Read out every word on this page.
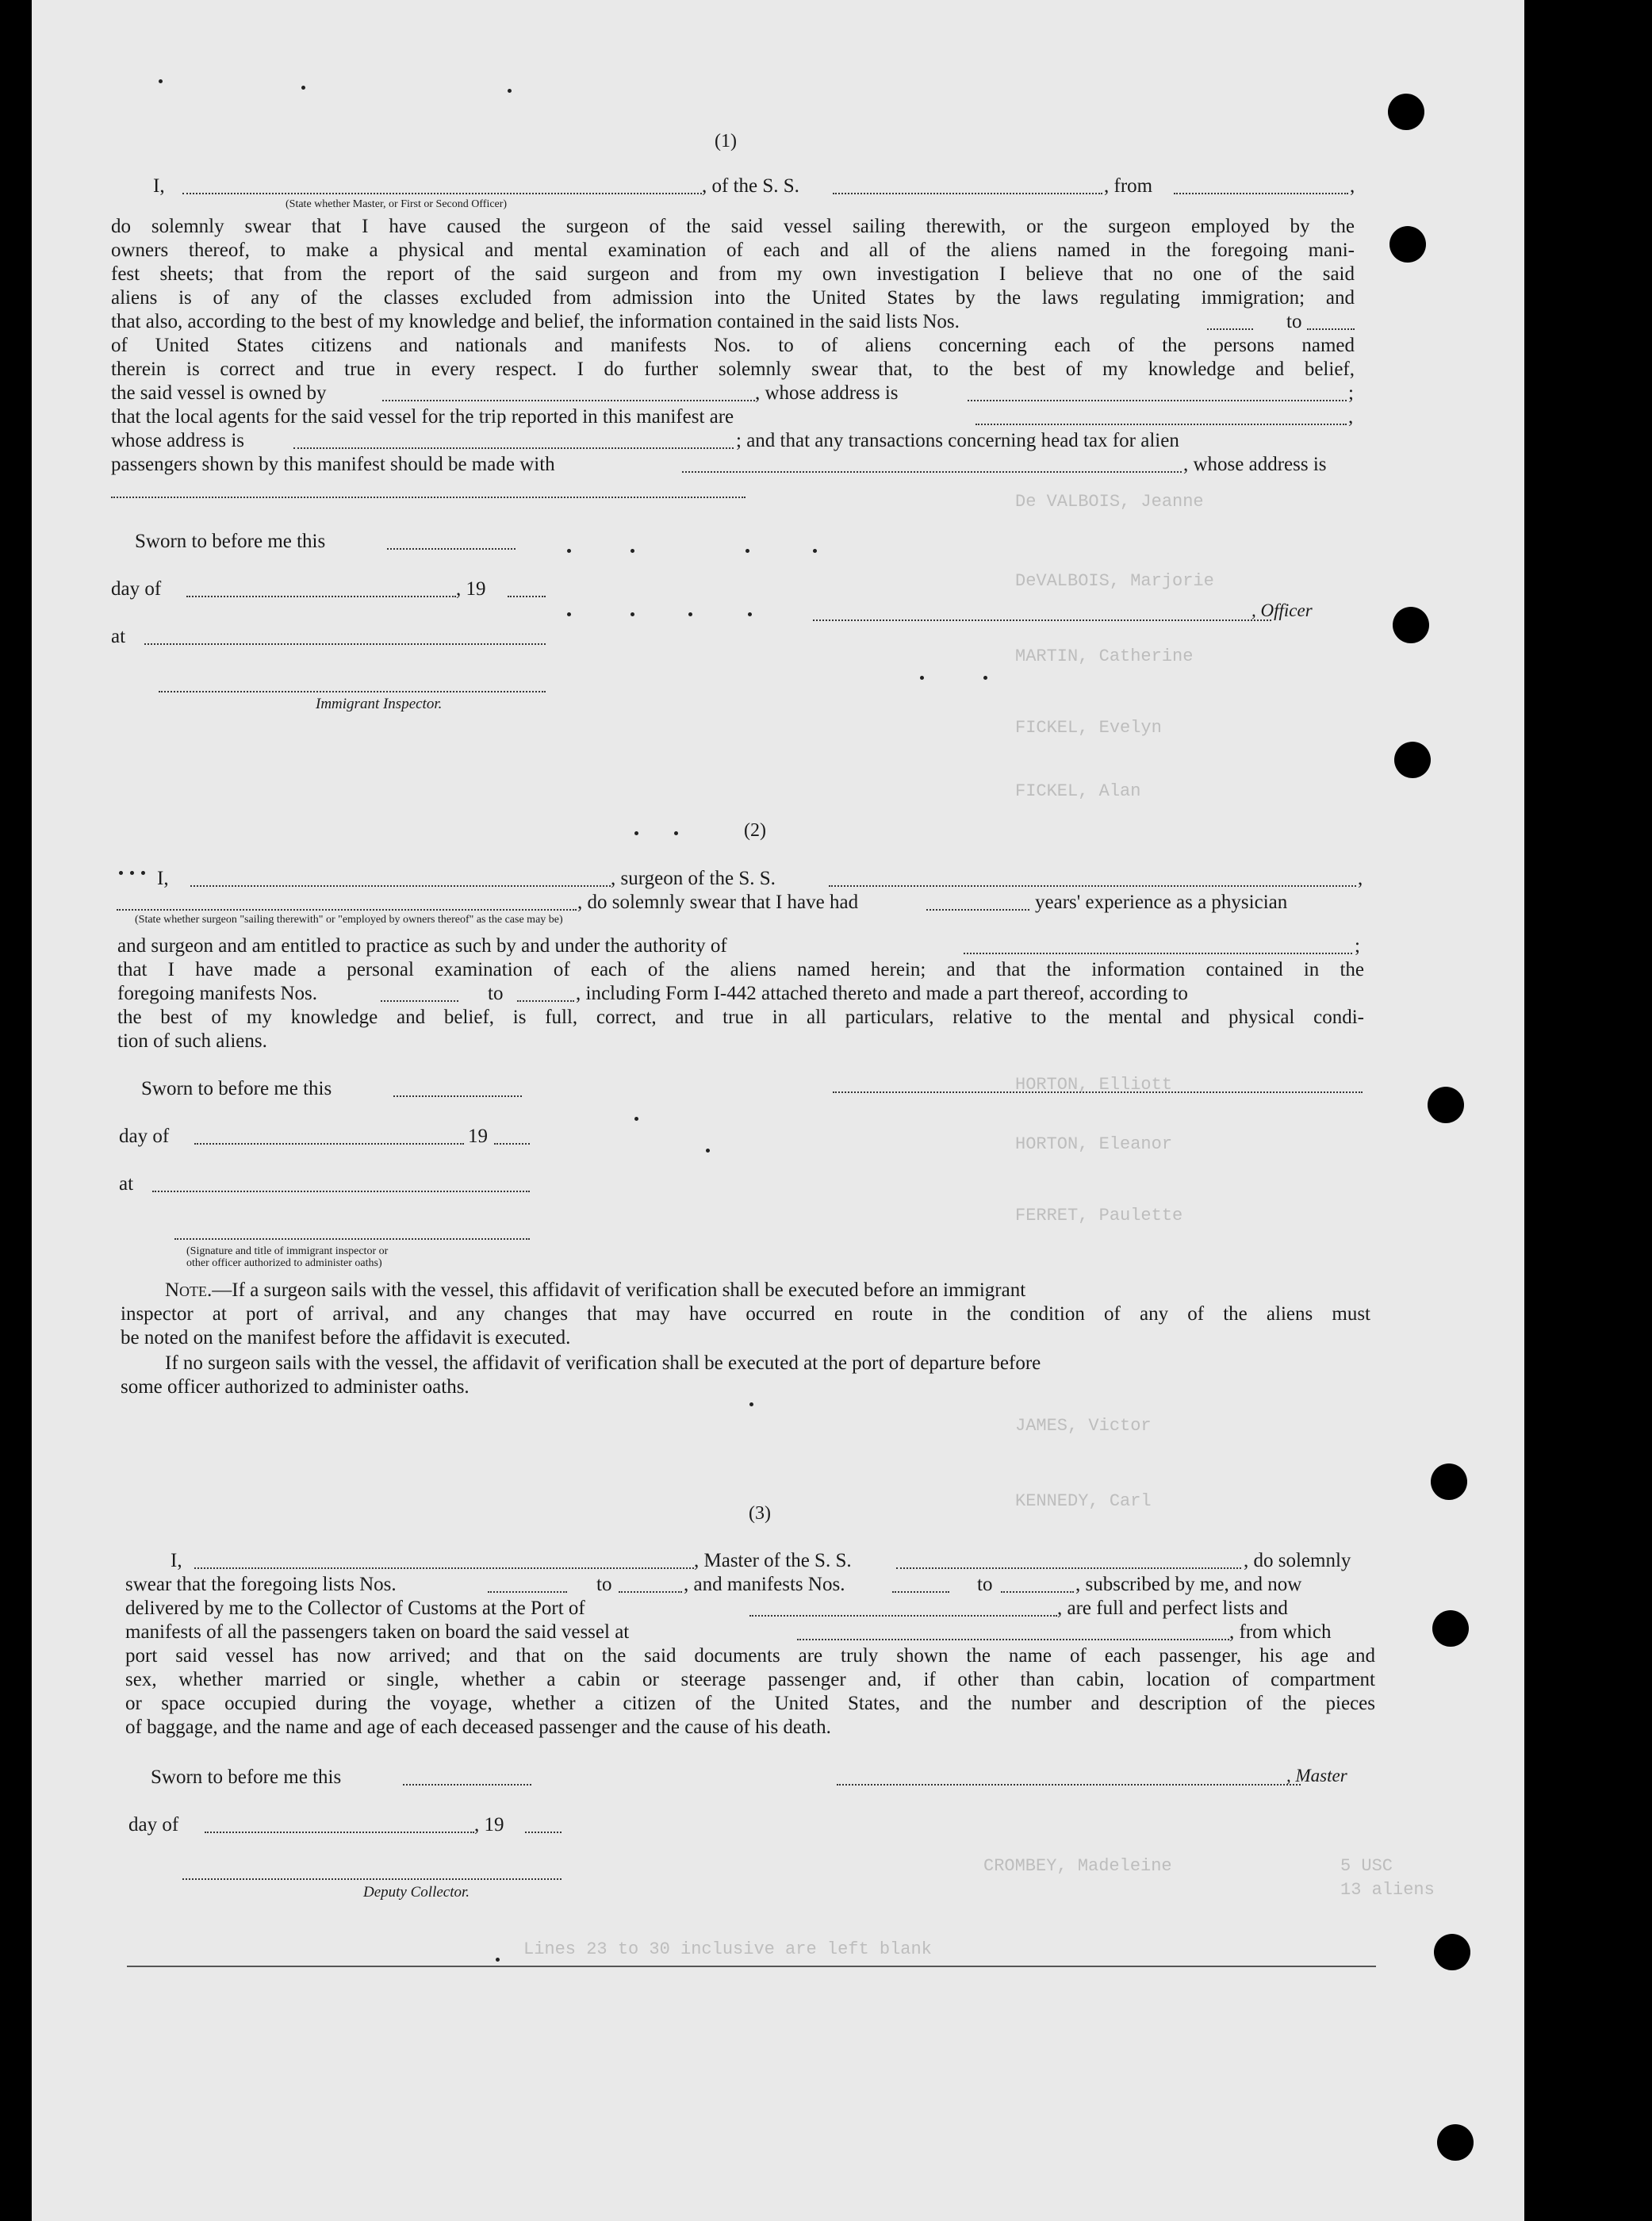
De VALBOIS, Jeanne
DeVALBOIS, Marjorie
MARTIN, Catherine
FICKEL, Evelyn
FICKEL, Alan
HORTON, Elliott
HORTON, Eleanor
FERRET, Paulette
JAMES, Victor
KENNEDY, Carl
CROMBEY, Madeleine	5 USC
13 aliens
Lines 23 to 30 inclusive are left blank
(1)
I,	, of the S. S.	, from	,
(State whether Master, or First or Second Officer)
do solemnly swear that I have caused the surgeon of the said vessel sailing therewith, or the surgeon employed by the
owners thereof, to make a physical and mental examination of each and all of the aliens named in the foregoing mani-
fest sheets; that from the report of the said surgeon and from my own investigation I believe that no one of the said
aliens is of any of the classes excluded from admission into the United States by the laws regulating immigration; and
that also, according to the best of my knowledge and belief, the information contained in the said lists Nos.	to
of United States citizens and nationals and manifests Nos. to of aliens concerning each of the persons named
therein is correct and true in every respect. I do further solemnly swear that, to the best of my knowledge and belief,
the said vessel is owned by	, whose address is	;
that the local agents for the said vessel for the trip reported in this manifest are	,
whose address is	; and that any transactions concerning head tax for alien
passengers shown by this manifest should be made with	, whose address is
Sworn to before me this
day of	, 19
at
Immigrant Inspector.
, Officer
(2)
I,	, surgeon of the S. S.	,
, do solemnly swear that I have had	years' experience as a physician
(State whether surgeon "sailing therewith" or "employed by owners thereof" as the case may be)
and surgeon and am entitled to practice as such by and under the authority of	;
that I have made a personal examination of each of the aliens named herein; and that the information contained in the
foregoing manifests Nos.	to	, including Form I-442 attached thereto and made a part thereof, according to
the best of my knowledge and belief, is full, correct, and true in all particulars, relative to the mental and physical condi-
tion of such aliens.
Sworn to before me this
day of	19
at
(Signature and title of immigrant inspector or
other officer authorized to administer oaths)
Note.—If a surgeon sails with the vessel, this affidavit of verification shall be executed before an immigrant
inspector at port of arrival, and any changes that may have occurred en route in the condition of any of the aliens must
be noted on the manifest before the affidavit is executed.
If no surgeon sails with the vessel, the affidavit of verification shall be executed at the port of departure before
some officer authorized to administer oaths.
(3)
I,	, Master of the S. S.	, do solemnly
swear that the foregoing lists Nos.	to	, and manifests Nos.	to	, subscribed by me, and now
delivered by me to the Collector of Customs at the Port of	, are full and perfect lists and
manifests of all the passengers taken on board the said vessel at	, from which
port said vessel has now arrived; and that on the said documents are truly shown the name of each passenger, his age and
sex, whether married or single, whether a cabin or steerage passenger and, if other than cabin, location of compartment
or space occupied during the voyage, whether a citizen of the United States, and the number and description of the pieces
of baggage, and the name and age of each deceased passenger and the cause of his death.
Sworn to before me this	, Master
day of	, 19
Deputy Collector.
